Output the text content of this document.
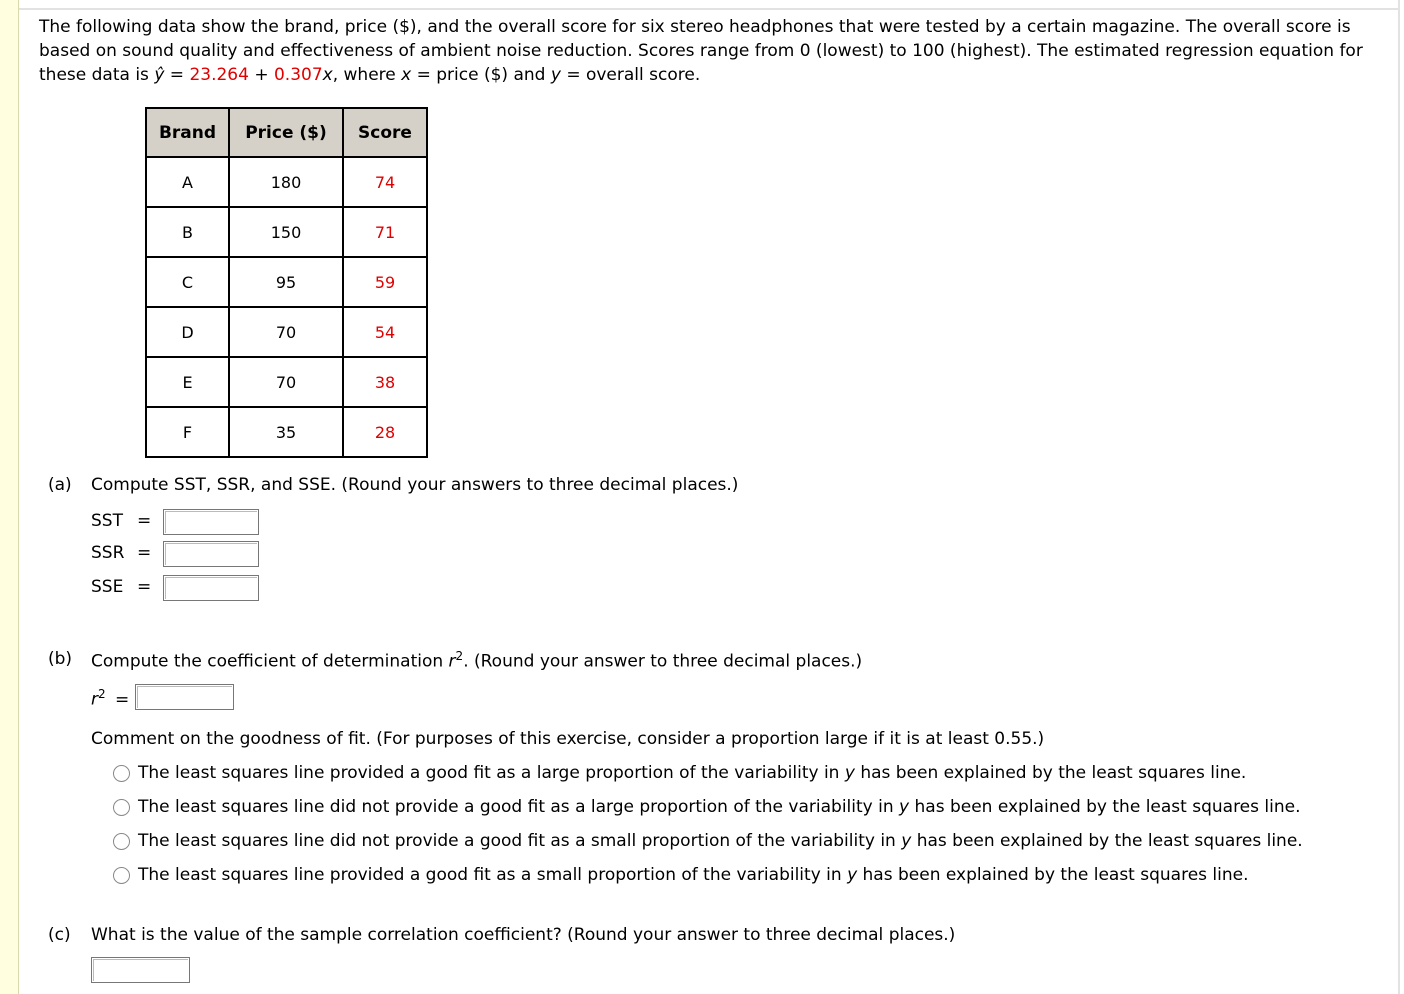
The following data show the brand, price ($), and the overall score for six stereo headphones that were tested by a certain magazine. The overall score is based on sound quality and effectiveness of ambient noise reduction. Scores range from 0 (lowest) to 100 (highest). The estimated regression equation for these data is ŷ = 23.264 + 0.307x, where x = price ($) and y = overall score.
Brand	Price ($)	Score
A	180	74
B	150	71
C	95	59
D	70	54
E	70	38
F	35	28
(a) Compute SST, SSR, and SSE. (Round your answers to three decimal places.)
SST =
SSR =
SSE =
(b) Compute the coefficient of determination $r^2$. (Round your answer to three decimal places.)
$r^2$ =
Comment on the goodness of fit. (For purposes of this exercise, consider a proportion large if it is at least 0.55.)
The least squares line provided a good fit as a large proportion of the variability in y has been explained by the least squares line.
The least squares line did not provide a good fit as a large proportion of the variability in y has been explained by the least squares line.
The least squares line did not provide a good fit as a small proportion of the variability in y has been explained by the least squares line.
The least squares line provided a good fit as a small proportion of the variability in y has been explained by the least squares line.
(c) What is the value of the sample correlation coefficient? (Round your answer to three decimal places.)
